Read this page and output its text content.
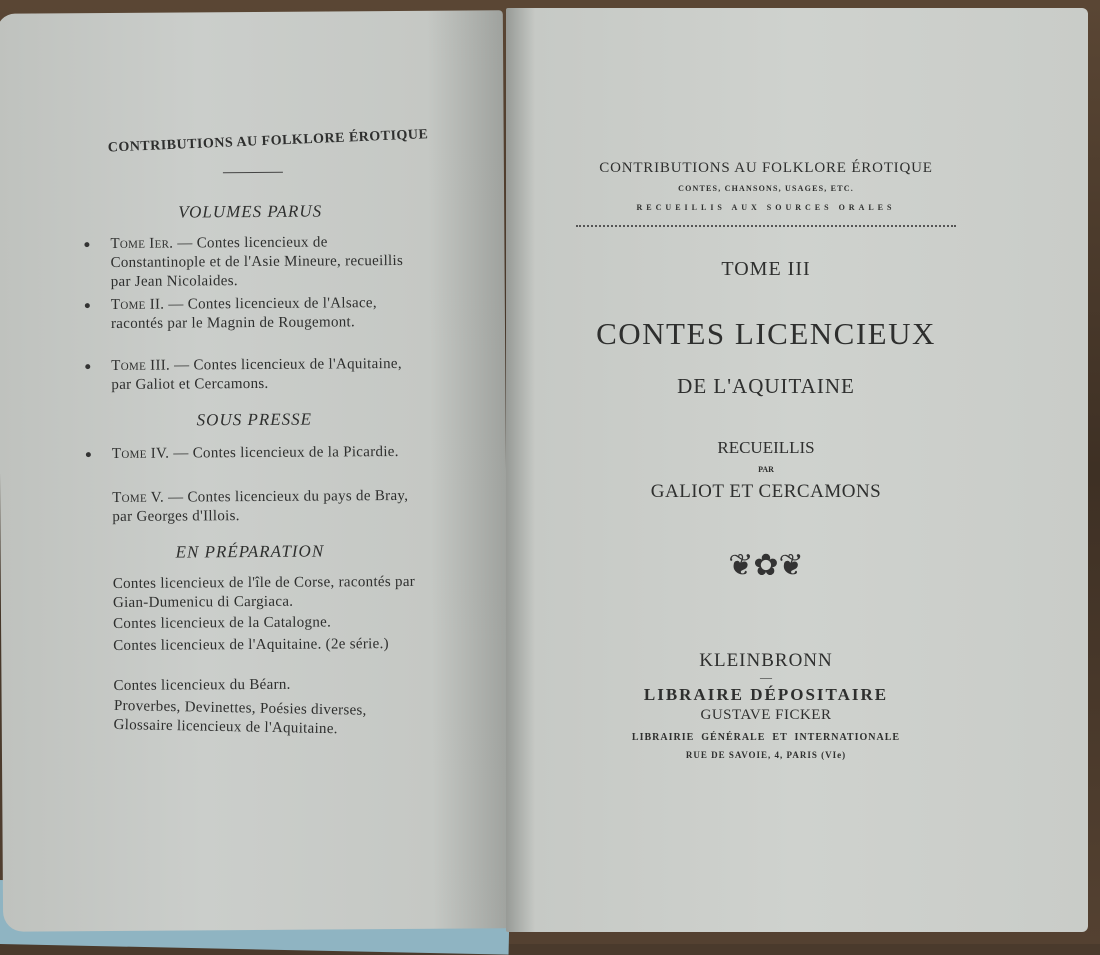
CONTRIBUTIONS AU FOLKLORE ÉROTIQUE
VOLUMES PARUS
Tome Ier. — Contes licencieux de Constantinople et de l'Asie Mineure, recueillis par Jean Nicolaides.
Tome II. — Contes licencieux de l'Alsace, racontés par le Magnin de Rougemont.
Tome III. — Contes licencieux de l'Aquitaine, par Galiot et Cercamons.
SOUS PRESSE
Tome IV. — Contes licencieux de la Picardie.
Tome V. — Contes licencieux du pays de Bray, par Georges d'Illois.
EN PRÉPARATION
Contes licencieux de l'île de Corse, racontés par Gian-Dumenicu di Cargiaca.
Contes licencieux de la Catalogne.
Contes licencieux de l'Aquitaine. (2e série.)
Contes licencieux du Béarn.
Proverbes, Devinettes, Poésies diverses, Glossaire licencieux de l'Aquitaine.
CONTRIBUTIONS AU FOLKLORE ÉROTIQUE
CONTES, CHANSONS, USAGES, ETC.
RECUEILLIS AUX SOURCES ORALES
TOME III
CONTES LICENCIEUX
DE L'AQUITAINE
RECUEILLIS
PAR
GALIOT ET CERCAMONS
❦✿❦
KLEINBRONN
—
LIBRAIRE DÉPOSITAIRE
GUSTAVE FICKER
LIBRAIRIE  GÉNÉRALE  ET  INTERNATIONALE
RUE DE SAVOIE, 4, PARIS (VIe)
